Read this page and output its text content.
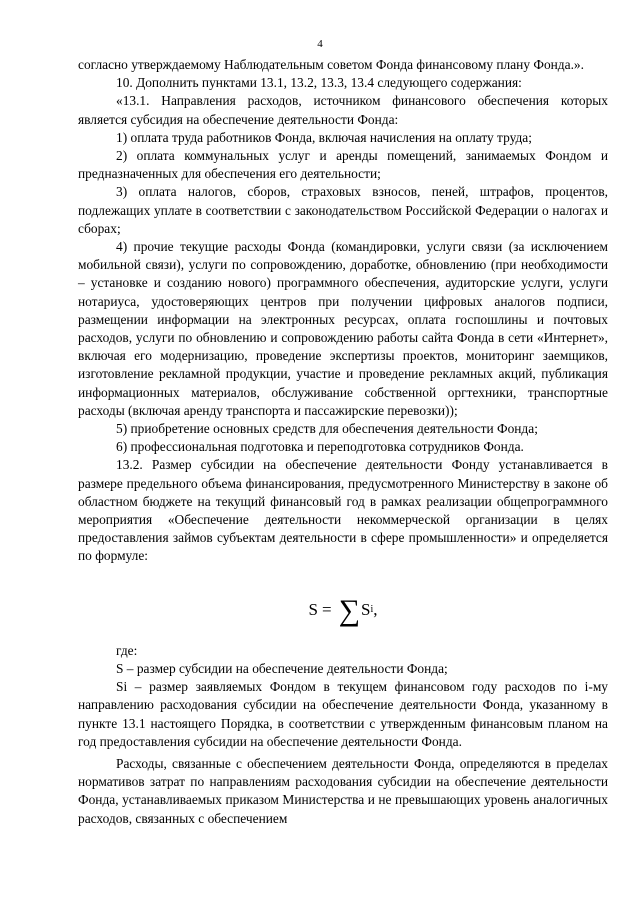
4

согласно утверждаемому Наблюдательным советом Фонда финансовому плану Фонда.».

10. Дополнить пунктами 13.1, 13.2, 13.3, 13.4 следующего содержания:

«13.1. Направления расходов, источником финансового обеспечения которых является субсидия на обеспечение деятельности Фонда:

1) оплата труда работников Фонда, включая начисления на оплату труда;

2) оплата коммунальных услуг и аренды помещений, занимаемых Фондом и предназначенных для обеспечения его деятельности;

3) оплата налогов, сборов, страховых взносов, пеней, штрафов, процентов, подлежащих уплате в соответствии с законодательством Российской Федерации о налогах и сборах;

4) прочие текущие расходы Фонда (командировки, услуги связи (за исключением мобильной связи), услуги по сопровождению, доработке, обновлению (при необходимости – установке и созданию нового) программного обеспечения, аудиторские услуги, услуги нотариуса, удостоверяющих центров при получении цифровых аналогов подписи, размещении информации на электронных ресурсах, оплата госпошлины и почтовых расходов, услуги по обновлению и сопровождению работы сайта Фонда в сети «Интернет», включая его модернизацию, проведение экспертизы проектов, мониторинг заемщиков, изготовление рекламной продукции, участие и проведение рекламных акций, публикация информационных материалов, обслуживание собственной оргтехники, транспортные расходы (включая аренду транспорта и пассажирские перевозки));

5) приобретение основных средств для обеспечения деятельности Фонда;

6) профессиональная подготовка и переподготовка сотрудников Фонда.

13.2. Размер субсидии на обеспечение деятельности Фонду устанавливается в размере предельного объема финансирования, предусмотренного Министерству в законе об областном бюджете на текущий финансовый год в рамках реализации общепрограммного мероприятия «Обеспечение деятельности некоммерческой организации в целях предоставления займов субъектам деятельности в сфере промышленности» и определяется по формуле:

S = ∑ S i ,

где:

S – размер субсидии на обеспечение деятельности Фонда;

Si – размер заявляемых Фондом в текущем финансовом году расходов по i-му направлению расходования субсидии на обеспечение деятельности Фонда, указанному в пункте 13.1 настоящего Порядка, в соответствии с утвержденным финансовым планом на год предоставления субсидии на обеспечение деятельности Фонда.

Расходы, связанные с обеспечением деятельности Фонда, определяются в пределах нормативов затрат по направлениям расходования субсидии на обеспечение деятельности Фонда, устанавливаемых приказом Министерства и не превышающих уровень аналогичных расходов, связанных с обеспечением
